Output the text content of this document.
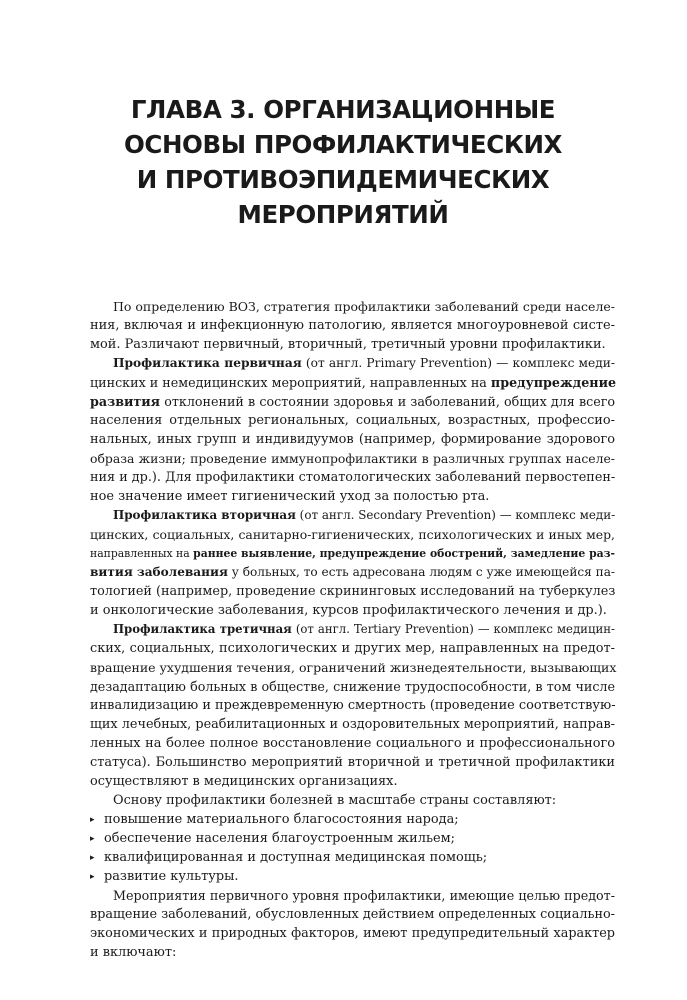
ГЛАВА 3. ОРГАНИЗАЦИОННЫЕ
ОСНОВЫ ПРОФИЛАКТИЧЕСКИХ
И ПРОТИВОЭПИДЕМИЧЕСКИХ
МЕРОПРИЯТИЙ
По определению ВОЗ, стратегия профилактики заболеваний среди населе-
ния, включая и инфекционную патологию, является многоуровневой систе-
мой. Различают первичный, вторичный, третичный уровни профилактики.
Профилактика первичная (от англ. Primary Prevention) — комплекс меди-
цинских и немедицинских мероприятий, направленных на предупреждение
развития отклонений в состоянии здоровья и заболеваний, общих для всего
населения отдельных региональных, социальных, возрастных, профессио-
нальных, иных групп и индивидуумов (например, формирование здорового
образа жизни; проведение иммунопрофилактики в различных группах населе-
ния и др.). Для профилактики стоматологических заболеваний первостепен-
ное значение имеет гигиенический уход за полостью рта.
Профилактика вторичная (от англ. Secondary Prevention) — комплекс меди-
цинских, социальных, санитарно-гигиенических, психологических и иных мер,
направленных на раннее выявление, предупреждение обострений, замедление раз-
вития заболевания у больных, то есть адресована людям с уже имеющейся па-
тологией (например, проведение скрининговых исследований на туберкулез
и онкологические заболевания, курсов профилактического лечения и др.).
Профилактика третичная (от англ. Tertiary Prevention) — комплекс медицин-
ских, социальных, психологических и других мер, направленных на предот-
вращение ухудшения течения, ограничений жизнедеятельности, вызывающих
дезадаптацию больных в обществе, снижение трудоспособности, в том числе
инвалидизацию и преждевременную смертность (проведение соответствую-
щих лечебных, реабилитационных и оздоровительных мероприятий, направ-
ленных на более полное восстановление социального и профессионального
статуса). Большинство мероприятий вторичной и третичной профилактики
осуществляют в медицинских организациях.
Основу профилактики болезней в масштабе страны составляют:
▸ повышение материального благосостояния народа;
▸ обеспечение населения благоустроенным жильем;
▸ квалифицированная и доступная медицинская помощь;
▸ развитие культуры.
Мероприятия первичного уровня профилактики, имеющие целью предот-
вращение заболеваний, обусловленных действием определенных социально-
экономических и природных факторов, имеют предупредительный характер
и включают:
